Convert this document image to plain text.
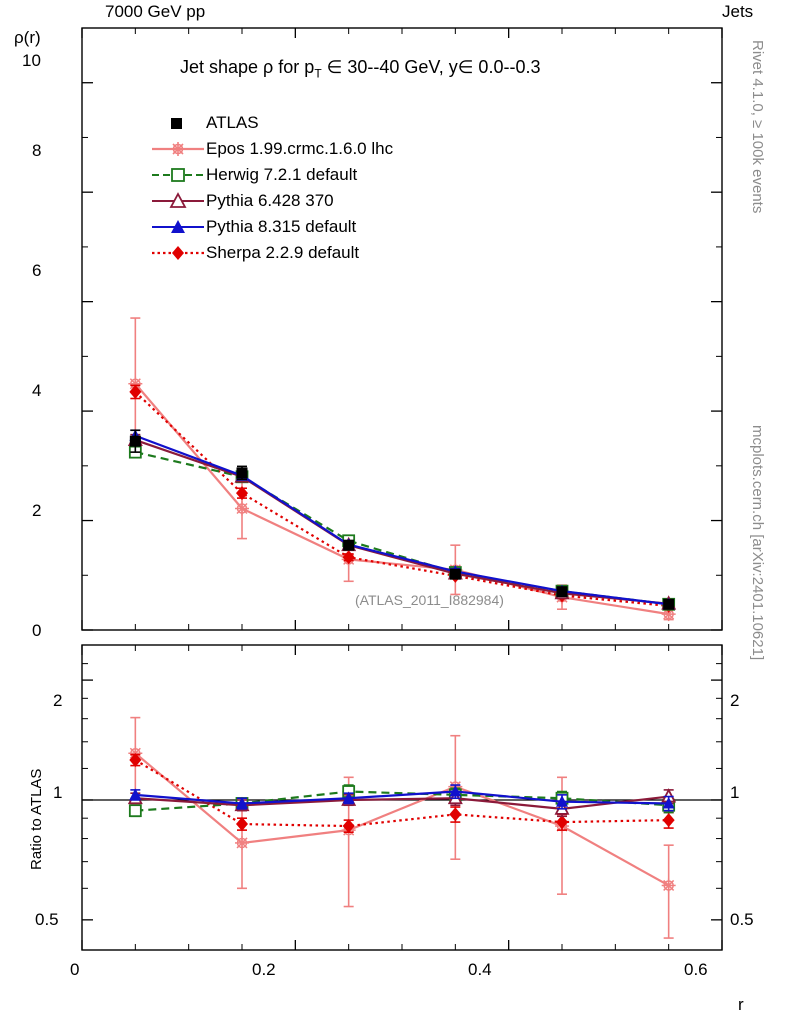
7000 GeV pp	Jets
Rivet 4.1.0, ≥ 100k events
mcplots.cern.ch [arXiv:2401.10621]
ρ(r)
Jet shape ρ for $p_T$ ∈ 30--40 GeV, y∈ 0.0--0.3
(ATLAS_2011_I882984)
Ratio to ATLAS
r
0
2
4
6
8
10
2
1
0.5
2
1
0.5
0	0.2	0.4	0.6
ATLAS
Epos 1.99.crmc.1.6.0 lhc
Herwig 7.2.1 default
Pythia 6.428 370
Pythia 8.315 default
Sherpa 2.2.9 default
